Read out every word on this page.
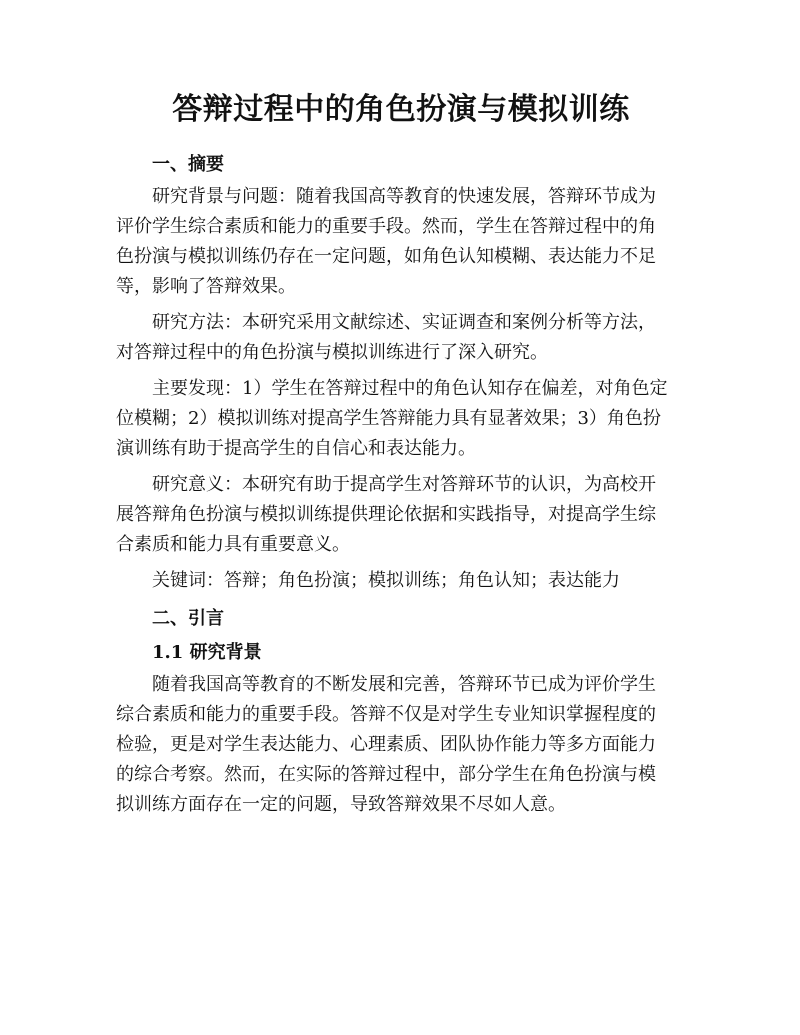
答辩过程中的角色扮演与模拟训练
一、摘要

研究背景与问题：随着我国高等教育的快速发展，答辩环节成为
评价学生综合素质和能力的重要手段。然而，学生在答辩过程中的角
色扮演与模拟训练仍存在一定问题，如角色认知模糊、表达能力不足
等，影响了答辩效果。

研究方法：本研究采用文献综述、实证调查和案例分析等方法，
对答辩过程中的角色扮演与模拟训练进行了深入研究。

主要发现：1）学生在答辩过程中的角色认知存在偏差，对角色定
位模糊；2）模拟训练对提高学生答辩能力具有显著效果；3）角色扮
演训练有助于提高学生的自信心和表达能力。

研究意义：本研究有助于提高学生对答辩环节的认识，为高校开
展答辩角色扮演与模拟训练提供理论依据和实践指导，对提高学生综
合素质和能力具有重要意义。

关键词：答辩；角色扮演；模拟训练；角色认知；表达能力

二、引言
1.1 研究背景

随着我国高等教育的不断发展和完善，答辩环节已成为评价学生
综合素质和能力的重要手段。答辩不仅是对学生专业知识掌握程度的
检验，更是对学生表达能力、心理素质、团队协作能力等多方面能力
的综合考察。然而，在实际的答辩过程中，部分学生在角色扮演与模
拟训练方面存在一定的问题，导致答辩效果不尽如人意。
